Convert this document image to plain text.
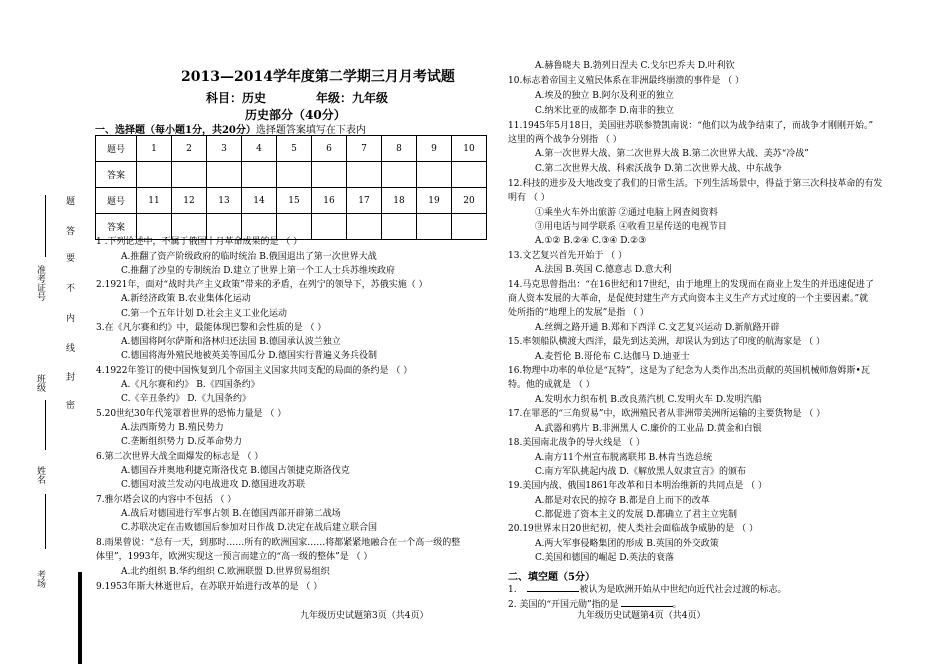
2013—2014学年度第二学期三月月考试题
科目：历史	年级：九年级
历史部分（40分）
一、选择题（每小题1分，共20分）选择题答案填写在下表内
题号	1	2	3	4	5	6	7	8	9	10
答案										
题号	11	12	13	14	15	16	17	18	19	20
答案										
题
答
要
不
内
线
封
密
准考证号
班级
姓名
考场
1 .下列论述中，不属于俄国十月革命成果的是 （ ）
A.推翻了资产阶级政府的临时统治 B.俄国退出了第一次世界大战
C.推翻了沙皇的专制统治 D.建立了世界上第一个工人士兵苏维埃政府
2.1921年，面对“战时共产主义政策”带来的矛盾，在列宁的领导下，苏俄实施（ ）
A.新经济政策 B.农业集体化运动
C.第一个五年计划 D.社会主义工业化运动
3.在《凡尔赛和约》中，最能体现巴黎和会性质的是 （ ）
A.德国将阿尔萨斯和洛林归还法国 B.德国承认波兰独立
C.德国将海外殖民地被英美等国瓜分 D.德国实行普遍义务兵役制
4.1922年签订的使中国恢复到几个帝国主义国家共同支配的局面的条约是 （ ）
A.《凡尔赛和约》 B.《四国条约》
C.《辛丑条约》 D.《九国条约》
5.20世纪30年代笼罩着世界的恐怖力量是 （ ）
A.法西斯势力 B.殖民势力
C.垄断组织势力 D.反革命势力
6.第二次世界大战全面爆发的标志是 （ ）
A.德国吞并奥地利捷克斯洛伐克 B.德国占领捷克斯洛伐克
C.德国对波兰发动闪电战进攻 D.德国进攻苏联
7.雅尔塔会议的内容中不包括 （ ）
A.战后对德国进行军事占领 B.在德国西部开辟第二战场
C.苏联决定在击败德国后参加对日作战 D.决定在战后建立联合国
8.雨果曾说：“总有一天，到那时……所有的欧洲国家……将都紧紧地融合在一个高一级的整
体里”，1993年，欧洲实现这一预言而建立的“高一级的整体”是 （ ）
A.北约组织 B.华约组织 C.欧洲联盟 D.世界贸易组织
9.1953年斯大林逝世后，在苏联开始进行改革的是 （ ）
A.赫鲁晓夫 B.勃列日涅夫 C.戈尔巴乔夫 D.叶利钦
10.标志着帝国主义殖民体系在非洲最终崩溃的事件是 （ ）
A.埃及的独立 B.阿尔及利亚的独立
C.纳米比亚的成都李 D.南非的独立
11.1945年5月18日，美国驻苏联参赞凯南说：“他们以为战争结束了，而战争才刚刚开始。”
这里的两个战争分别指 （ ）
A.第一次世界大战、第二次世界大战 B.第二次世界大战、美苏“冷战”
C.第二次世界大战、科索沃战争 D.第二次世界大战、中东战争
12.科技的进步及大地改变了我们的日常生活。下列生活场景中，得益于第三次科技革命的有发
明有 （ ）
①乘坐火车外出旅游 ②通过电脑上网查阅资料
③用电话与同学联系 ④收看卫星传送的电视节目
A.①② B.②④ C.③④ D.②③
13.文艺复兴首先开始于 （ ）
A.法国 B.英国 C.德意志 D.意大利
14.马克思曾指出：“在16世纪和17世纪，由于地理上的发现而在商业上发生的并迅速促进了
商人资本发展的大革命，是促使封建生产方式向资本主义生产方式过度的一个主要因素。”就
处所指的“地理上的发展”是指 （ ）
A.丝绸之路开通 B.郑和下西洋 C.文艺复兴运动 D.新航路开辟
15.率领船队横渡大西洋，最先到达美洲，却误认为到达了印度的航海家是 （ ）
A.麦哲伦 B.哥伦布 C.达伽马 D.迪亚士
16.物理中功率的单位是“瓦特”，这是为了纪念为人类作出杰出贡献的英国机械师詹姆斯•瓦
特。他的成就是 （ ）
A.发明水力织布机 B.改良蒸汽机 C.发明火车 D.发明汽船
17.在罪恶的“三角贸易”中，欧洲殖民者从非洲带美洲所运输的主要货物是 （ ）
A.武器和鸦片 B.非洲黑人 C.廉价的工业品 D.黄金和白银
18.美国南北战争的导火线是 （ ）
A.南方11个州宣布脱离联邦 B.林肯当选总统
C.南方军队挑起内战 D.《解放黑人奴隶宣言》的颁布
19.美国内战、俄国1861年改革和日本明治维新的共同点是 （ ）
A.都是对农民的掠夺 B.都是自上而下的改革
C.都促进了资本主义的发展 D.都确立了君主立宪制
20.19世界末日20世纪初，使人类社会面临战争威胁的是 （ ）
A.两大军事侵略集团的形成 B.英国的外交政策
C.美国和德国的崛起 D.英法的衰落
二、填空题（5分）
1.	被认为是欧洲开始从中世纪向近代社会过渡的标志。
2. 美国的“开国元勋”指的是	。
九年级历史试题第3页（共4页）	九年级历史试题第4页（共4页）
